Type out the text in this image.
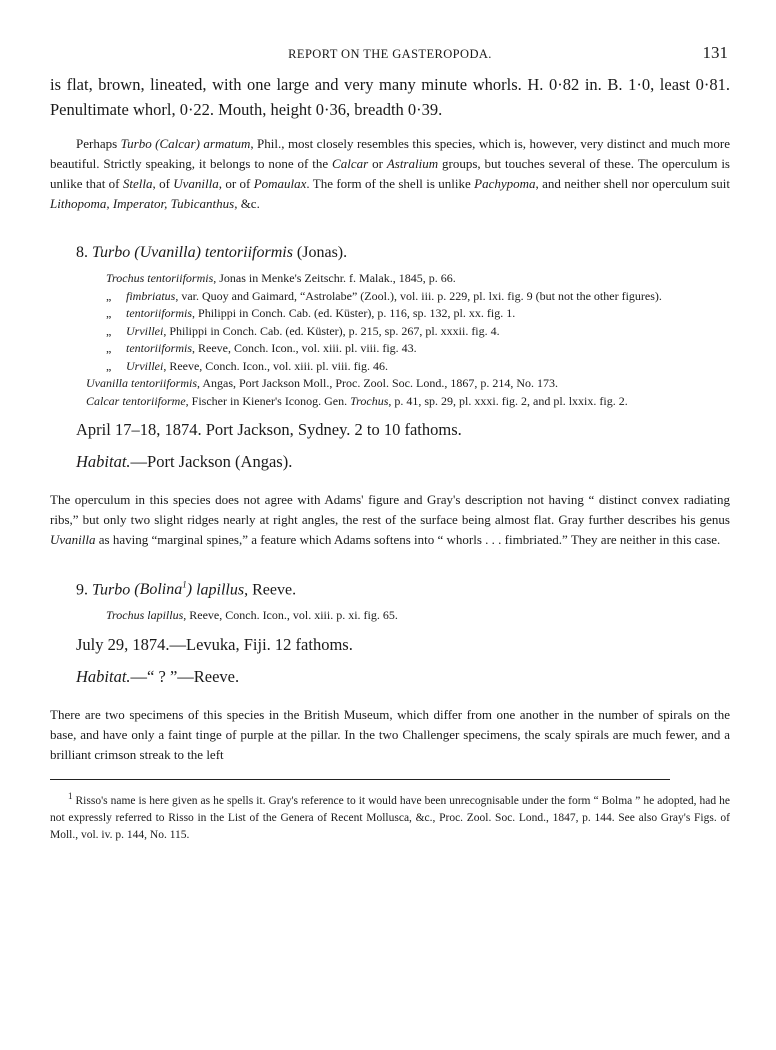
REPORT ON THE GASTEROPODA.	131

is flat, brown, lineated, with one large and very many minute whorls. H. 0·82 in. B. 1·0, least 0·81. Penultimate whorl, 0·22. Mouth, height 0·36, breadth 0·39.

Perhaps Turbo (Calcar) armatum, Phil., most closely resembles this species, which is, however, very distinct and much more beautiful. Strictly speaking, it belongs to none of the Calcar or Astralium groups, but touches several of these. The operculum is unlike that of Stella, of Uvanilla, or of Pomaulax. The form of the shell is unlike Pachypoma, and neither shell nor operculum suit Lithopoma, Imperator, Tubicanthus, &c.

8. Turbo (Uvanilla) tentoriiformis (Jonas).
Trochus tentoriiformis, Jonas in Menke's Zeitschr. f. Malak., 1845, p. 66.
„	fimbriatus, var. Quoy and Gaimard, “Astrolabe” (Zool.), vol. iii. p. 229, pl. lxi. fig. 9 (but not the other figures).
„	tentoriiformis, Philippi in Conch. Cab. (ed. Küster), p. 116, sp. 132, pl. xx. fig. 1.
„	Urvillei, Philippi in Conch. Cab. (ed. Küster), p. 215, sp. 267, pl. xxxii. fig. 4.
„	tentoriiformis, Reeve, Conch. Icon., vol. xiii. pl. viii. fig. 43.
„	Urvillei, Reeve, Conch. Icon., vol. xiii. pl. viii. fig. 46.
Uvanilla tentoriiformis, Angas, Port Jackson Moll., Proc. Zool. Soc. Lond., 1867, p. 214, No. 173.
Calcar tentoriiforme, Fischer in Kiener's Iconog. Gen. Trochus, p. 41, sp. 29, pl. xxxi. fig. 2, and pl. lxxix. fig. 2.
April 17–18, 1874. Port Jackson, Sydney. 2 to 10 fathoms.
Habitat.—Port Jackson (Angas).

The operculum in this species does not agree with Adams' figure and Gray's description not having “ distinct convex radiating ribs,” but only two slight ridges nearly at right angles, the rest of the surface being almost flat. Gray further describes his genus Uvanilla as having “marginal spines,” a feature which Adams softens into “ whorls . . . fimbriated.” They are neither in this case.

9. Turbo (Bolina$^1$) lapillus, Reeve.
Trochus lapillus, Reeve, Conch. Icon., vol. xiii. p. xi. fig. 65.
July 29, 1874.—Levuka, Fiji. 12 fathoms.
Habitat.—“ ? ”—Reeve.

There are two specimens of this species in the British Museum, which differ from one another in the number of spirals on the base, and have only a faint tinge of purple at the pillar. In the two Challenger specimens, the scaly spirals are much fewer, and a brilliant crimson streak to the left

$^1$ Risso's name is here given as he spells it. Gray's reference to it would have been unrecognisable under the form “ Bolma ” he adopted, had he not expressly referred to Risso in the List of the Genera of Recent Mollusca, &c., Proc. Zool. Soc. Lond., 1847, p. 144. See also Gray's Figs. of Moll., vol. iv. p. 144, No. 115.
